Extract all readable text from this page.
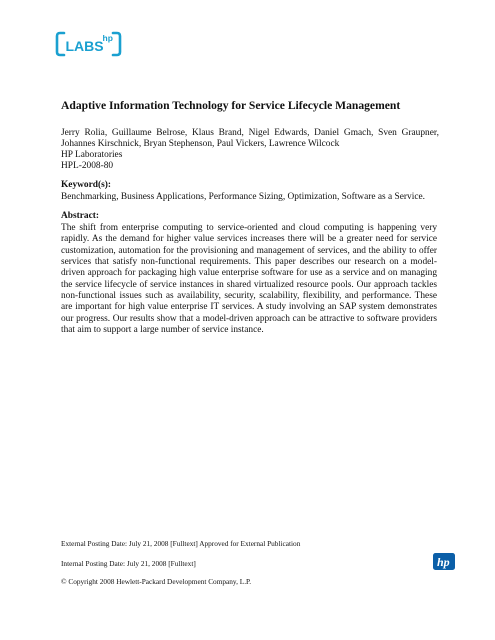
LABS
hp
Adaptive Information Technology for Service Lifecycle Management

Jerry Rolia, Guillaume Belrose, Klaus Brand, Nigel Edwards, Daniel Gmach, Sven Graupner, Johannes Kirschnick, Bryan Stephenson, Paul Vickers, Lawrence Wilcock

HP Laboratories

HPL-2008-80

Keyword(s):

Benchmarking, Business Applications, Performance Sizing, Optimization, Software as a Service.

Abstract:

The shift from enterprise computing to service-oriented and cloud computing is happening very rapidly. As the demand for higher value services increases there will be a greater need for service customization, automation for the provisioning and management of services, and the ability to offer services that satisfy non-functional requirements. This paper describes our research on a model-driven approach for packaging high value enterprise software for use as a service and on managing the service lifecycle of service instances in shared virtualized resource pools. Our approach tackles non-functional issues such as availability, security, scalability, flexibility, and performance. These are important for high value enterprise IT services. A study involving an SAP system demonstrates our progress. Our results show that a model-driven approach can be attractive to software providers that aim to support a large number of service instance.

External Posting Date: July 21, 2008 [Fulltext] Approved for External Publication

Internal Posting Date: July 21, 2008 [Fulltext]

© Copyright 2008 Hewlett-Packard Development Company, L.P.

hp
